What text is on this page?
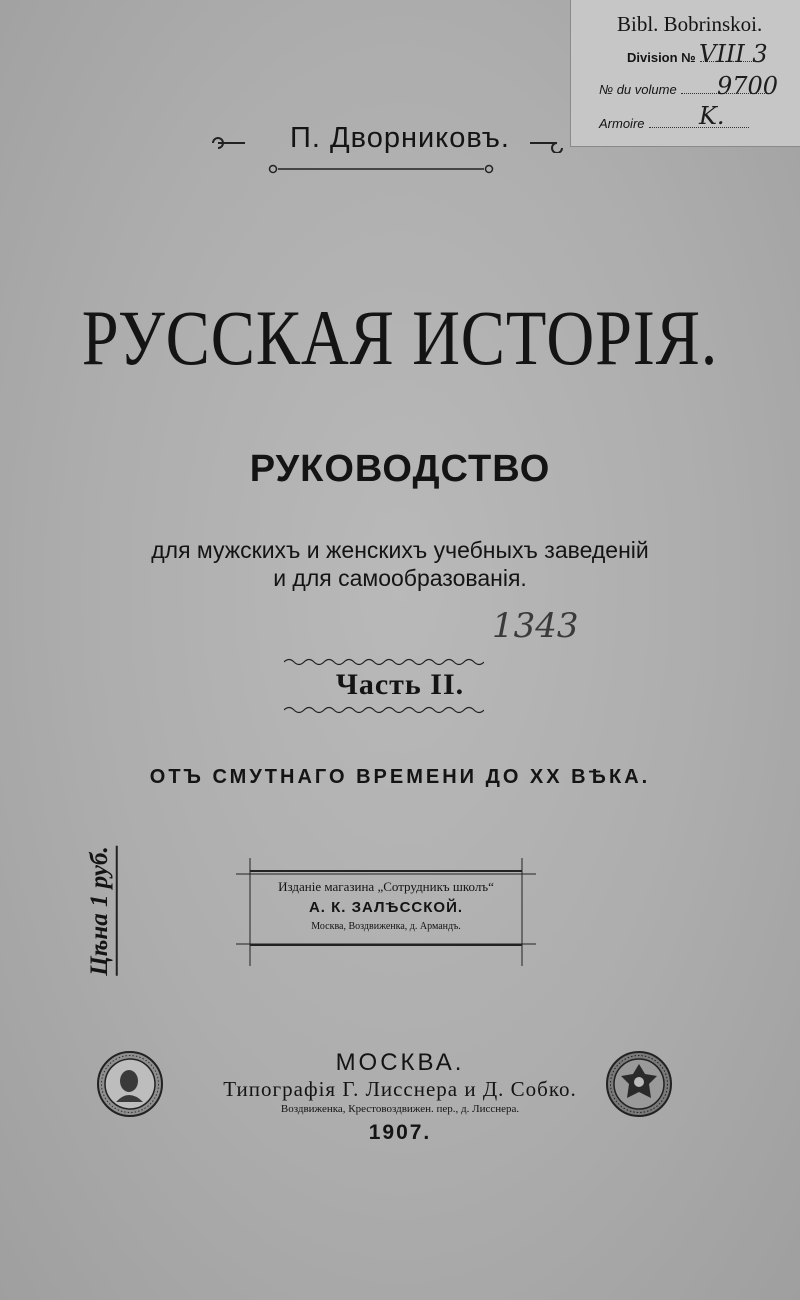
Bibl. Bobrinskoi.
Division № VIII 3
№ du volume	9700
Armoire	K.
П. Дворниковъ.
РУССКАЯ ИСТОРІЯ.
РУКОВОДСТВО
для мужскихъ и женскихъ учебныхъ заведеній
и для самообразованія.
1343
Часть II.
ОТЪ СМУТНАГО ВРЕМЕНИ ДО XX ВѢКА.
Цѣна 1 руб.	Изданіе магазина „Сотрудникъ школъ“
А. К. ЗАЛѢССКОЙ.
Москва, Воздвиженка, д. Армандъ.
МОСКВА.
Типографія Г. Лисснера и Д. Собко.
Воздвиженка, Крестовоздвижен. пер., д. Лисснера.
1907.
